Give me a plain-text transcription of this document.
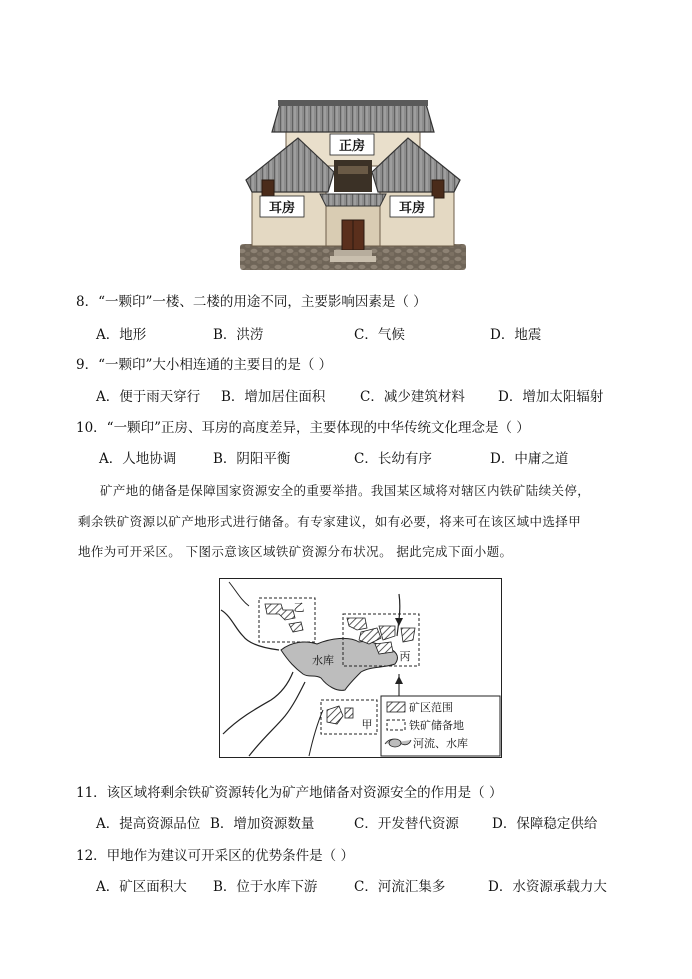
正房
耳房	耳房
8．“一颗印”一楼、二楼的用途不同，主要影响因素是（ ）
A．地形	B．洪涝	C．气候	D．地震
9．“一颗印”大小相连通的主要目的是（ ）
A．便于雨天穿行 B．增加居住面积	C．减少建筑材料 D．增加太阳辐射
10．“一颗印”正房、耳房的高度差异，主要体现的中华传统文化理念是（ ）
A．人地协调	B．阴阳平衡	C．长幼有序	D．中庸之道
矿产地的储备是保障国家资源安全的重要举措。我国某区域将对辖区内铁矿陆续关停，
剩余铁矿资源以矿产地形式进行储备。有专家建议，如有必要，将来可在该区域中选择甲
地作为可开采区。 下图示意该区域铁矿资源分布状况。 据此完成下面小题。
水库
乙
丙
甲
矿区范围
铁矿储备地
河流、水库
11．该区域将剩余铁矿资源转化为矿产地储备对资源安全的作用是（ ）
A．提高资源品位 B．增加资源数量	C．开发替代资源 D．保障稳定供给
12．甲地作为建议可开采区的优势条件是（ ）
A．矿区面积大 B．位于水库下游	C．河流汇集多	D．水资源承载力大
